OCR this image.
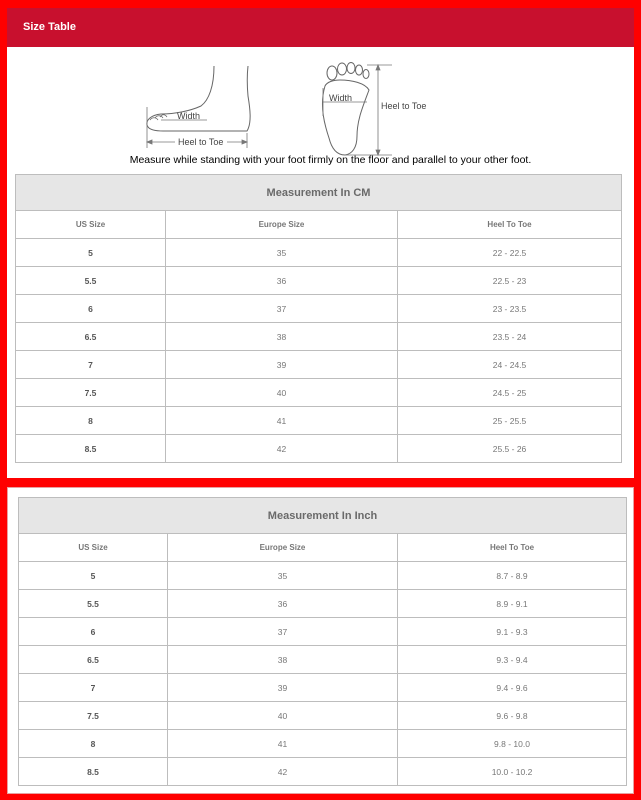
Size Table
Width
Heel to Toe
Width
Heel to Toe
Measure while standing with your foot firmly on the floor and parallel to your other foot.
Measurement In CM		
US Size	Europe Size	Heel To Toe
5	35	22 - 22.5
5.5	36	22.5 - 23
6	37	23 - 23.5
6.5	38	23.5 - 24
7	39	24 - 24.5
7.5	40	24.5 - 25
8	41	25 - 25.5
8.5	42	25.5 - 26
Measurement In Inch		
US Size	Europe Size	Heel To Toe
5	35	8.7 - 8.9
5.5	36	8.9 - 9.1
6	37	9.1 - 9.3
6.5	38	9.3 - 9.4
7	39	9.4 - 9.6
7.5	40	9.6 - 9.8
8	41	9.8 - 10.0
8.5	42	10.0 - 10.2
